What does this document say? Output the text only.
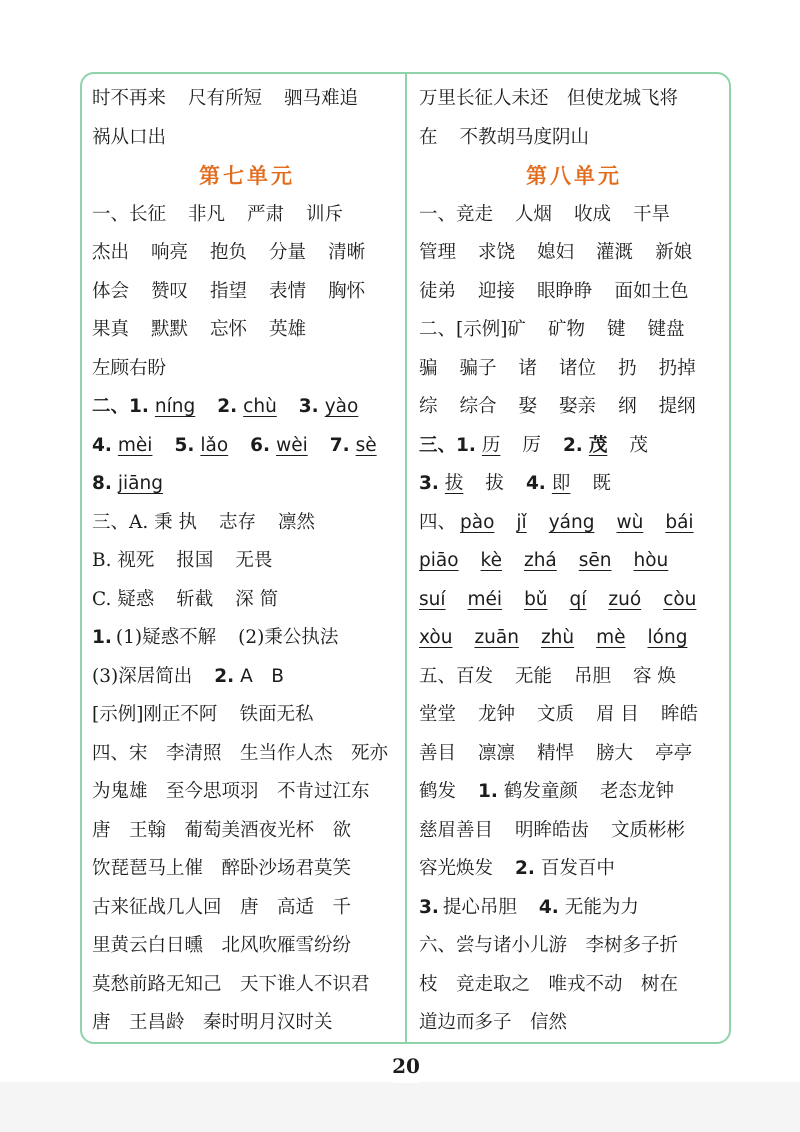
时不再来 尺有所短 驷马难追
祸从口出
第七单元
一、长征 非凡 严肃 训斥
杰出 响亮 抱负 分量 清晰
体会 赞叹 指望 表情 胸怀
果真 默默 忘怀 英雄
左顾右盼
二、1. níng 2. chù 3. yào
4. mèi 5. lǎo 6. wèi 7. sè
8. jiāng
三、A. 秉 执 志存 凛然
B. 视死 报国 无畏
C. 疑惑 斩截 深 简
1. (1)疑惑不解 (2)秉公执法
(3)深居简出 2. A　B
[示例]刚正不阿 铁面无私
四、宋　李清照　生当作人杰　死亦
为鬼雄　至今思项羽　不肯过江东
唐　王翰　葡萄美酒夜光杯　欲
饮琵琶马上催　醉卧沙场君莫笑
古来征战几人回　唐　高适　千
里黄云白日曛　北风吹雁雪纷纷
莫愁前路无知己　天下谁人不识君
唐　王昌龄　秦时明月汉时关
万里长征人未还　但使龙城飞将
在 不教胡马度阴山
第八单元
一、竞走 人烟 收成 干旱
管理 求饶 媳妇 灌溉 新娘
徒弟 迎接 眼睁睁 面如土色
二、[示例]矿 矿物 键 键盘
骗 骗子 诸 诸位 扔 扔掉
综 综合 娶 娶亲 纲 提纲
三、1. 历 厉 2. 茂 茂
3. 拔 拔 4. 即 既
四、 pào jǐ yáng wù bái
piāo kè zhá sēn hòu
suí méi bǔ qí zuó còu
xòu zuān zhù mè lóng
五、百发 无能 吊胆 容 焕
堂堂 龙钟 文质 眉 目 眸皓
善目 凛凛 精悍 膀大 亭亭
鹤发 1. 鹤发童颜 老态龙钟
慈眉善目 明眸皓齿 文质彬彬
容光焕发 2. 百发百中
3. 提心吊胆 4. 无能为力
六、尝与诸小儿游　李树多子折
枝　竞走取之　唯戎不动　树在
道边而多子　信然
20
